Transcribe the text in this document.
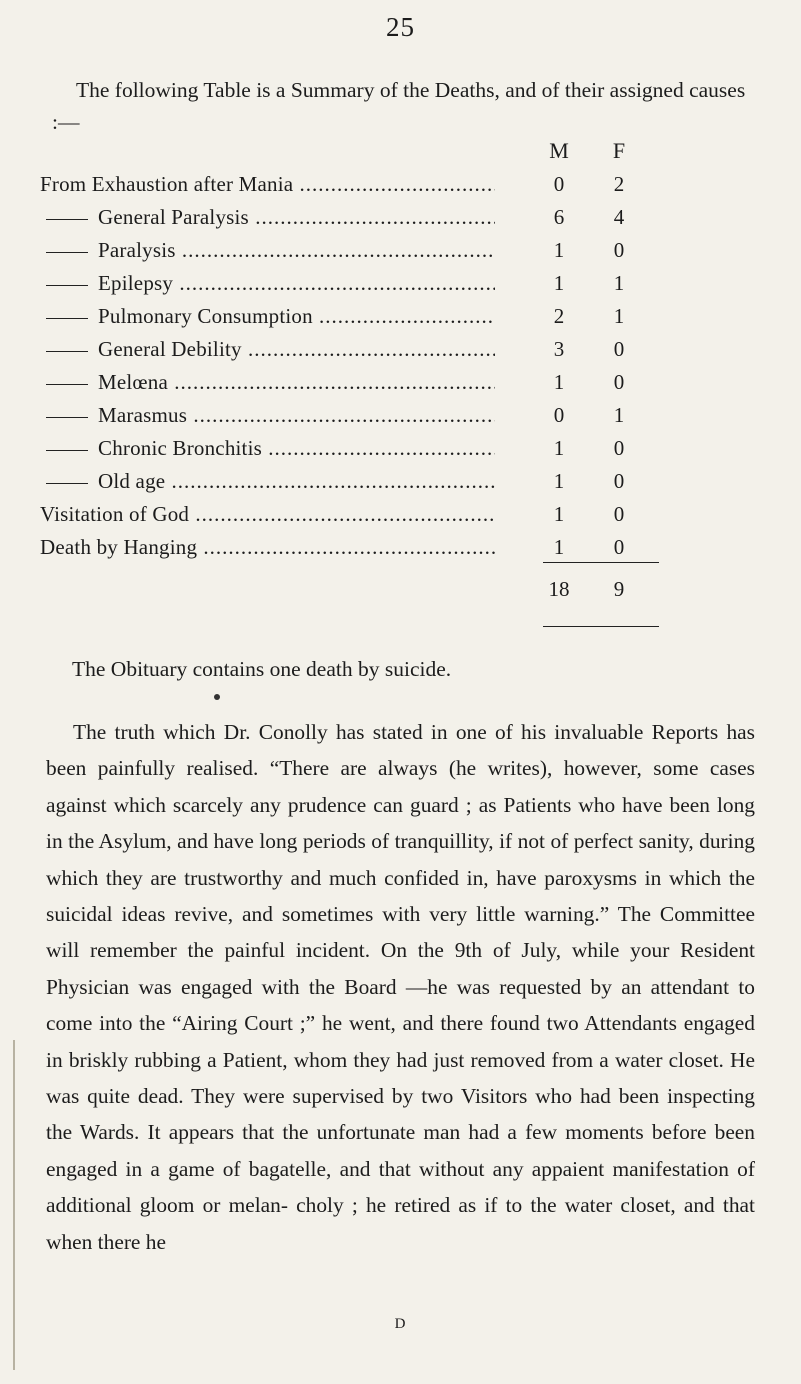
25

The following Table is a Summary of the Deaths, and of their assigned causes :—

M	F
From Exhaustion after Mania .....	0	2
General Paralysis .....	6	4
Paralysis .....	1	0
Epilepsy .....	1	1
Pulmonary Consumption .....	2	1
General Debility .....	3	0
Melœna .....	1	0
Marasmus .....	0	1
Chronic Bronchitis .....	1	0
Old age .....	1	0
Visitation of God .....	1	0
Death by Hanging .....	1	0
18	9

The Obituary contains one death by suicide.

The truth which Dr. Conolly has stated in one of his invaluable Reports has been painfully realised. “There are always (he writes), however, some cases against which scarcely any prudence can guard ; as Patients who have been long in the Asylum, and have long periods of tranquillity, if not of perfect sanity, during which they are trustworthy and much confided in, have paroxysms in which the suicidal ideas revive, and sometimes with very little warning.” The Committee will remember the painful incident. On the 9th of July, while your Resident Physician was engaged with the Board —he was requested by an attendant to come into the “Airing Court ;” he went, and there found two Attendants engaged in briskly rubbing a Patient, whom they had just removed from a water closet. He was quite dead. They were supervised by two Visitors who had been inspecting the Wards. It appears that the unfortunate man had a few moments before been engaged in a game of bagatelle, and that without any appaient manifestation of additional gloom or melan- choly ; he retired as if to the water closet, and that when there he

D
